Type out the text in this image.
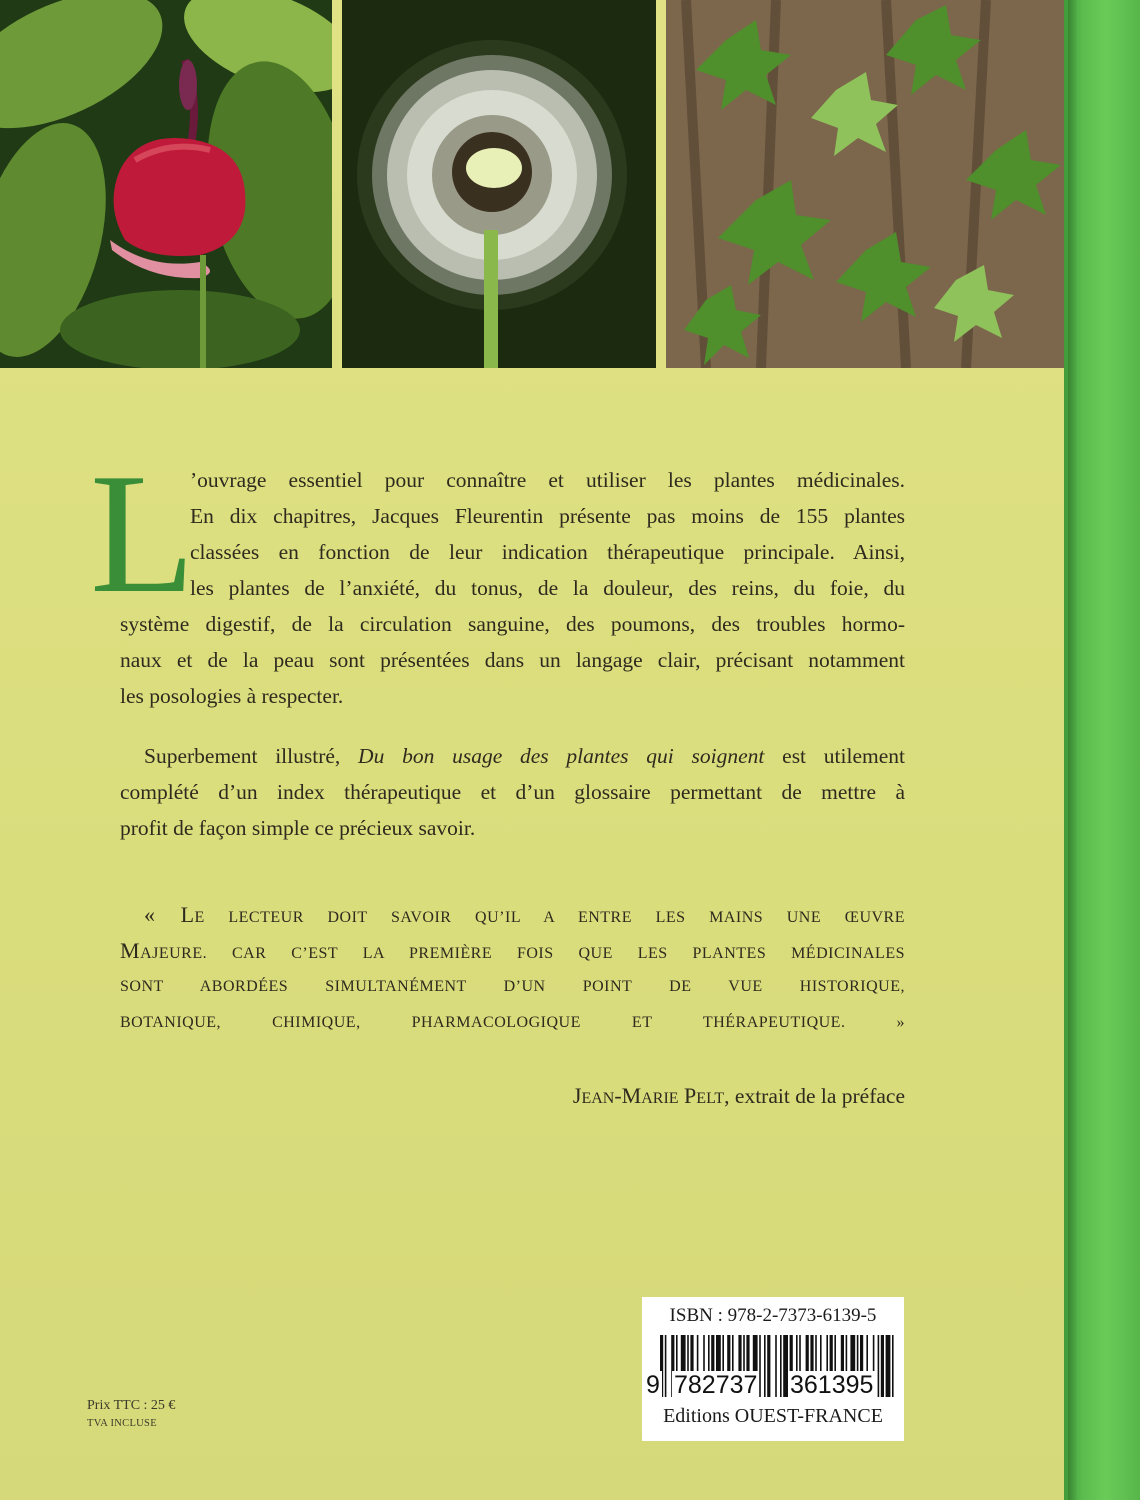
L
’ouvrage essentiel pour connaître et utiliser les plantes médicinales.
En dix chapitres, Jacques Fleurentin présente pas moins de 155 plantes
classées en fonction de leur indication thérapeutique principale. Ainsi,
les plantes de l’anxiété, du tonus, de la douleur, des reins, du foie, du
système digestif, de la circulation sanguine, des poumons, des troubles hormo-
naux et de la peau sont présentées dans un langage clair, précisant notamment
les posologies à respecter.
Superbement illustré, Du bon usage des plantes qui soignent est utilement
complété d’un index thérapeutique et d’un glossaire permettant de mettre à
profit de façon simple ce précieux savoir.
« LE LECTEUR DOIT SAVOIR QU’IL A ENTRE LES MAINS UNE ŒUVRE
MAJEURE. CAR C’EST LA PREMIÈRE FOIS QUE LES PLANTES MÉDICINALES
SONT ABORDÉES SIMULTANÉMENT D’UN POINT DE VUE HISTORIQUE,
BOTANIQUE, CHIMIQUE, PHARMACOLOGIQUE ET THÉRAPEUTIQUE. »
JEAN-MARIE PELT, extrait de la préface
ISBN : 978-2-7373-6139-5
9 782737 361395
Editions OUEST-FRANCE
Prix TTC : 25 €
TVA INCLUSE
